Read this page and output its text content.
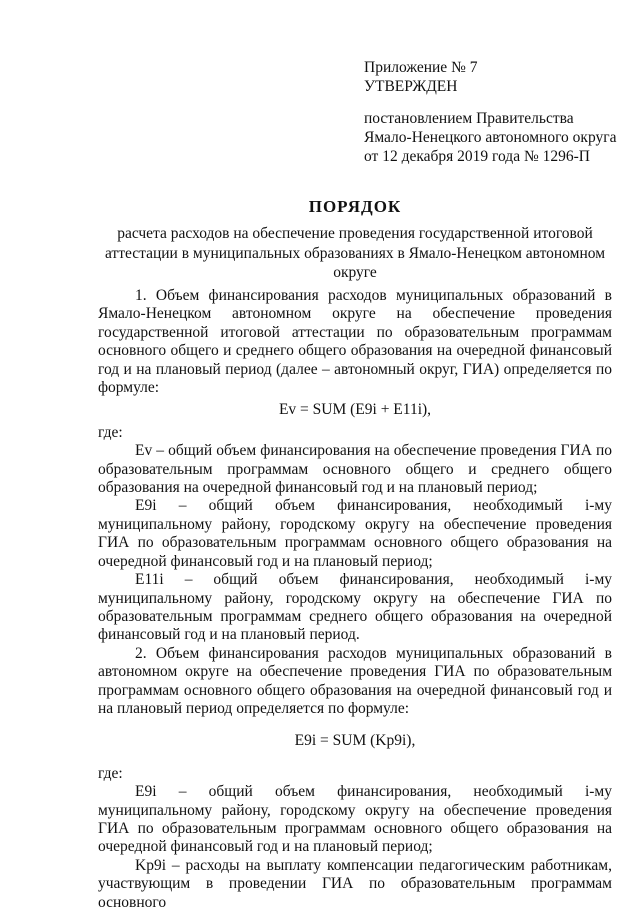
Приложение № 7
УТВЕРЖДЕН
постановлением Правительства
Ямало-Ненецкого автономного округа
от 12 декабря 2019 года № 1296-П
ПОРЯДОК
расчета расходов на обеспечение проведения государственной итоговой аттестации в муниципальных образованиях в Ямало-Ненецком автономном округе

1. Объем финансирования расходов муниципальных образований в Ямало-Ненецком автономном округе на обеспечение проведения государственной итоговой аттестации по образовательным программам основного общего и среднего общего образования на очередной финансовый год и на плановый период (далее – автономный округ, ГИА) определяется по формуле:

Ev = SUM (E9i + E11i),

где:

Ev – общий объем финансирования на обеспечение проведения ГИА по образовательным программам основного общего и среднего общего образования на очередной финансовый год и на плановый период;

E9i – общий объем финансирования, необходимый i-му муниципальному району, городскому округу на обеспечение проведения ГИА по образовательным программам основного общего образования на очередной финансовый год и на плановый период;

E11i – общий объем финансирования, необходимый i-му муниципальному району, городскому округу на обеспечение ГИА по образовательным программам среднего общего образования на очередной финансовый год и на плановый период.

2. Объем финансирования расходов муниципальных образований в автономном округе на обеспечение проведения ГИА по образовательным программам основного общего образования на очередной финансовый год и на плановый период определяется по формуле:

E9i = SUM (Kp9i),

где:

E9i – общий объем финансирования, необходимый i-му муниципальному району, городскому округу на обеспечение проведения ГИА по образовательным программам основного общего образования на очередной финансовый год и на плановый период;

Kp9i – расходы на выплату компенсации педагогическим работникам, участвующим в проведении ГИА по образовательным программам основного
